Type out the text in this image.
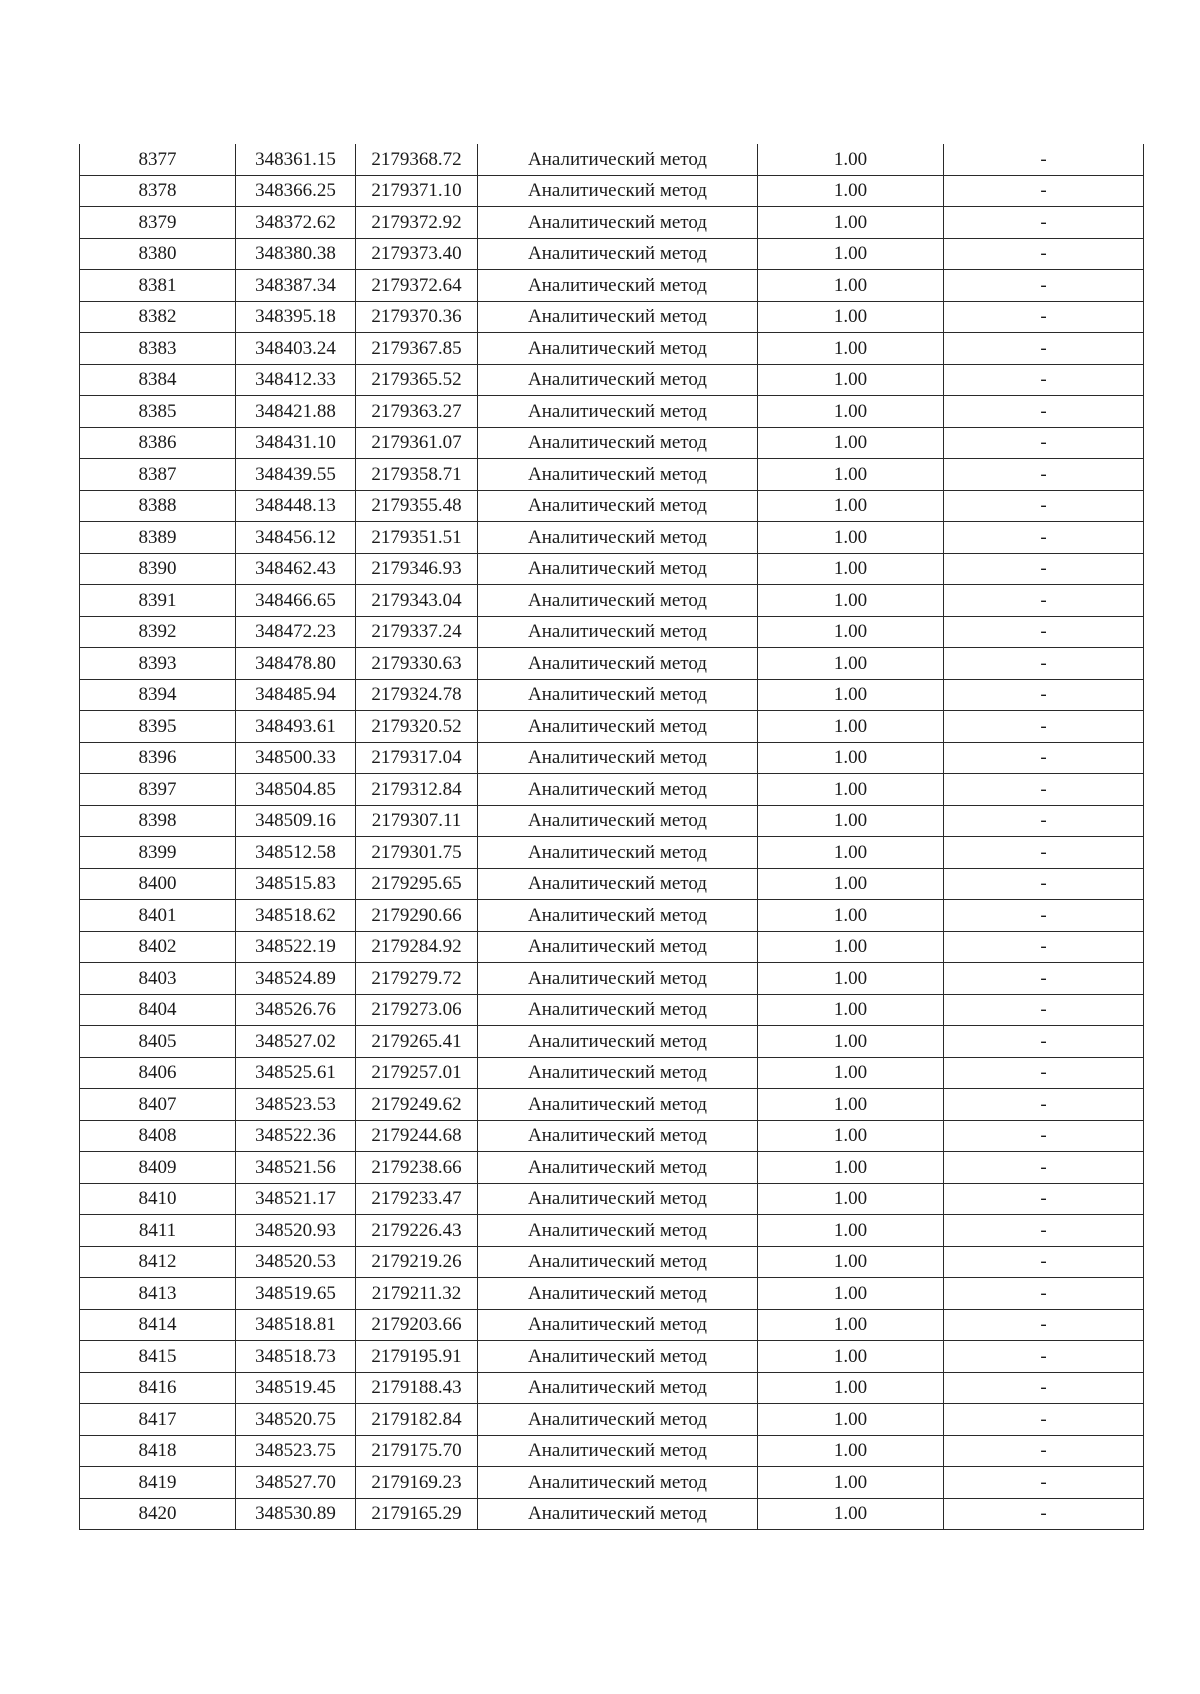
8377	348361.15	2179368.72	Аналитический метод	1.00	-
8378	348366.25	2179371.10	Аналитический метод	1.00	-
8379	348372.62	2179372.92	Аналитический метод	1.00	-
8380	348380.38	2179373.40	Аналитический метод	1.00	-
8381	348387.34	2179372.64	Аналитический метод	1.00	-
8382	348395.18	2179370.36	Аналитический метод	1.00	-
8383	348403.24	2179367.85	Аналитический метод	1.00	-
8384	348412.33	2179365.52	Аналитический метод	1.00	-
8385	348421.88	2179363.27	Аналитический метод	1.00	-
8386	348431.10	2179361.07	Аналитический метод	1.00	-
8387	348439.55	2179358.71	Аналитический метод	1.00	-
8388	348448.13	2179355.48	Аналитический метод	1.00	-
8389	348456.12	2179351.51	Аналитический метод	1.00	-
8390	348462.43	2179346.93	Аналитический метод	1.00	-
8391	348466.65	2179343.04	Аналитический метод	1.00	-
8392	348472.23	2179337.24	Аналитический метод	1.00	-
8393	348478.80	2179330.63	Аналитический метод	1.00	-
8394	348485.94	2179324.78	Аналитический метод	1.00	-
8395	348493.61	2179320.52	Аналитический метод	1.00	-
8396	348500.33	2179317.04	Аналитический метод	1.00	-
8397	348504.85	2179312.84	Аналитический метод	1.00	-
8398	348509.16	2179307.11	Аналитический метод	1.00	-
8399	348512.58	2179301.75	Аналитический метод	1.00	-
8400	348515.83	2179295.65	Аналитический метод	1.00	-
8401	348518.62	2179290.66	Аналитический метод	1.00	-
8402	348522.19	2179284.92	Аналитический метод	1.00	-
8403	348524.89	2179279.72	Аналитический метод	1.00	-
8404	348526.76	2179273.06	Аналитический метод	1.00	-
8405	348527.02	2179265.41	Аналитический метод	1.00	-
8406	348525.61	2179257.01	Аналитический метод	1.00	-
8407	348523.53	2179249.62	Аналитический метод	1.00	-
8408	348522.36	2179244.68	Аналитический метод	1.00	-
8409	348521.56	2179238.66	Аналитический метод	1.00	-
8410	348521.17	2179233.47	Аналитический метод	1.00	-
8411	348520.93	2179226.43	Аналитический метод	1.00	-
8412	348520.53	2179219.26	Аналитический метод	1.00	-
8413	348519.65	2179211.32	Аналитический метод	1.00	-
8414	348518.81	2179203.66	Аналитический метод	1.00	-
8415	348518.73	2179195.91	Аналитический метод	1.00	-
8416	348519.45	2179188.43	Аналитический метод	1.00	-
8417	348520.75	2179182.84	Аналитический метод	1.00	-
8418	348523.75	2179175.70	Аналитический метод	1.00	-
8419	348527.70	2179169.23	Аналитический метод	1.00	-
8420	348530.89	2179165.29	Аналитический метод	1.00	-
